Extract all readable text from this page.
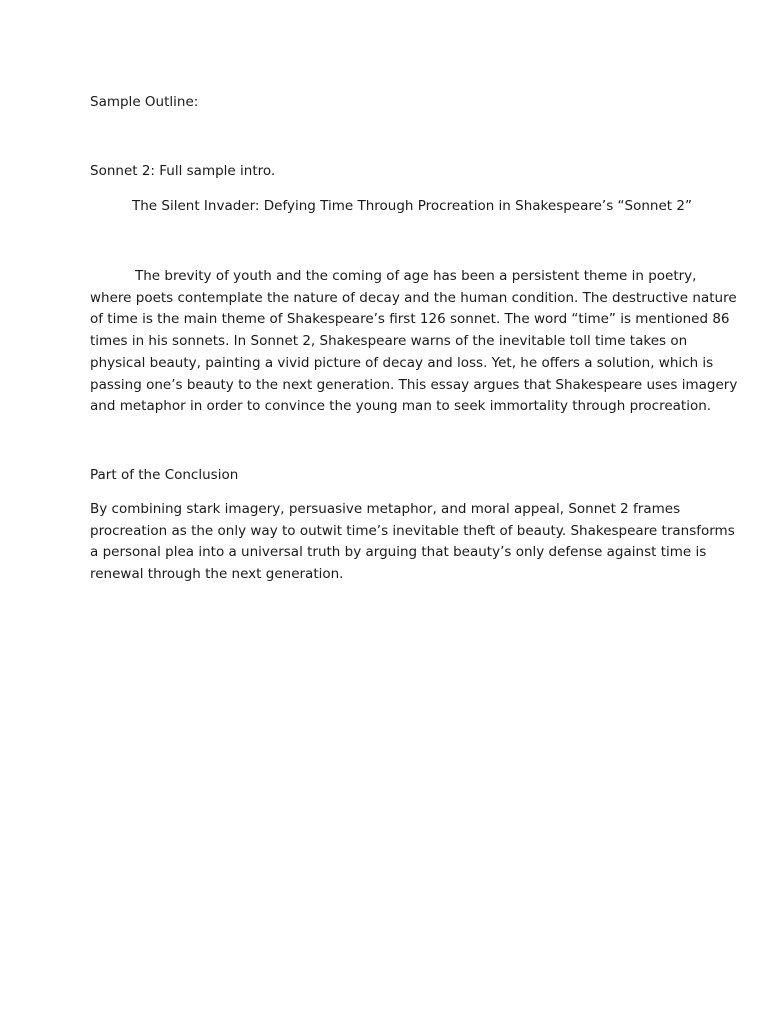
Sample Outline:
Sonnet 2: Full sample intro.
The Silent Invader: Defying Time Through Procreation in Shakespeare’s “Sonnet 2”
The brevity of youth and the coming of age has been a persistent theme in poetry,
where poets contemplate the nature of decay and the human condition. The destructive nature
of time is the main theme of Shakespeare’s first 126 sonnet. The word “time” is mentioned 86
times in his sonnets. In Sonnet 2, Shakespeare warns of the inevitable toll time takes on
physical beauty, painting a vivid picture of decay and loss. Yet, he offers a solution, which is
passing one’s beauty to the next generation. This essay argues that Shakespeare uses imagery
and metaphor in order to convince the young man to seek immortality through procreation.
Part of the Conclusion
By combining stark imagery, persuasive metaphor, and moral appeal, Sonnet 2 frames
procreation as the only way to outwit time’s inevitable theft of beauty. Shakespeare transforms
a personal plea into a universal truth by arguing that beauty’s only defense against time is
renewal through the next generation.
